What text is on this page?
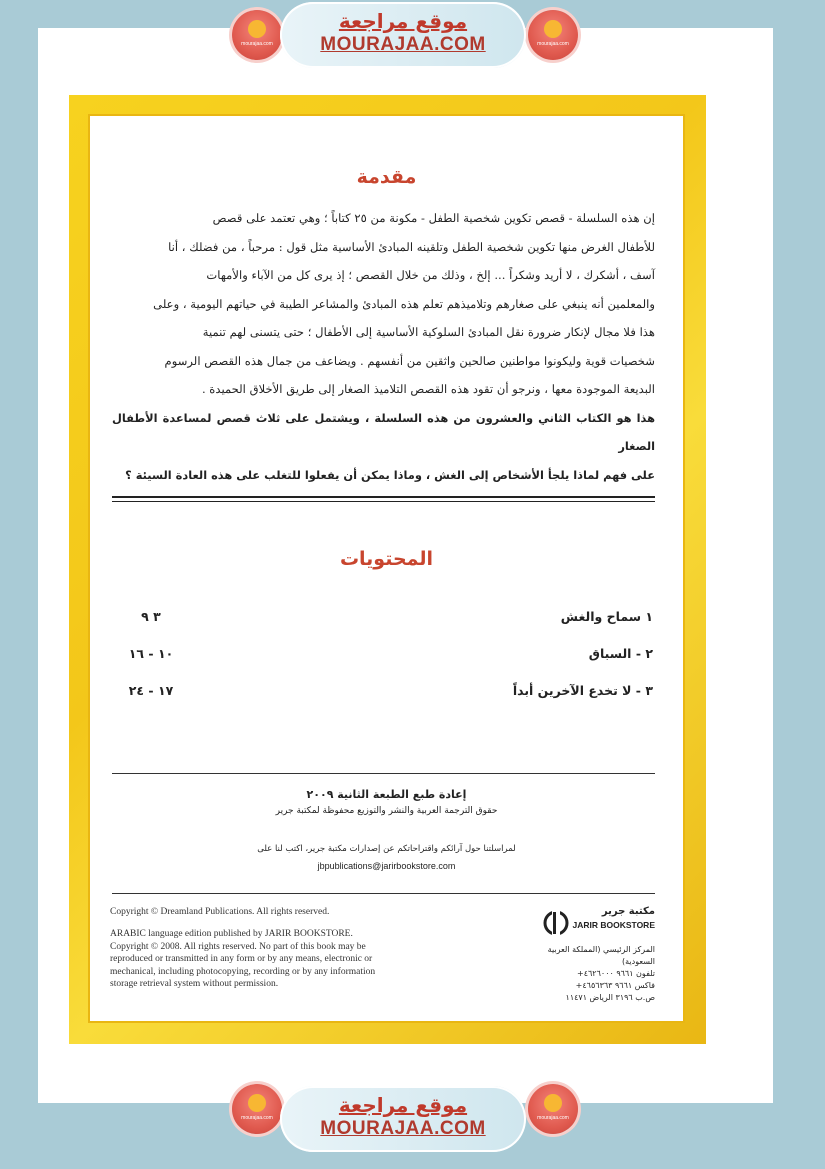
mourajaa.com	mourajaa.com
موقع مراجعة
MOURAJAA.COM
مقدمة
إن هذه السلسلة - قصص تكوين شخصية الطفل - مكونة من ٢٥ كتاباً ؛ وهي تعتمد على قصص
للأطفال الغرض منها تكوين شخصية الطفل وتلقينه المبادئ الأساسية مثل قول : مرحباً ، من فضلك ، أنا
آسف ، أشكرك ، لا أريد وشكراً ... إلخ ، وذلك من خلال القصص ؛ إذ يرى كل من الآباء والأمهات
والمعلمين أنه ينبغي على صغارهم وتلاميذهم تعلم هذه المبادئ والمشاعر الطيبة في حياتهم اليومية ، وعلى
هذا فلا مجال لإنكار ضرورة نقل المبادئ السلوكية الأساسية إلى الأطفال ؛ حتى يتسنى لهم تنمية
شخصيات قوية وليكونوا مواطنين صالحين واثقين من أنفسهم . ويضاعف من جمال هذه القصص الرسوم
البديعة الموجودة معها ، ونرجو أن تقود هذه القصص التلاميذ الصغار إلى طريق الأخلاق الحميدة .
هذا هو الكتاب الثاني والعشرون من هذه السلسلة ، ويشتمل على ثلاث قصص لمساعدة الأطفال الصغار
على فهم لماذا يلجأ الأشخاص إلى الغش ، وماذا يمكن أن يفعلوا للتغلب على هذه العادة السيئة ؟
المحتويات
١ سماح والغش
٣ ٩
٢ - السباق
١٠ - ١٦
٣ - لا تخدع الآخرين أبداً
١٧ - ٢٤
إعادة طبع الطبعة الثانية ٢٠٠٩
حقوق الترجمة العربية والنشر والتوزيع محفوظة لمكتبة جرير
لمراسلتنا حول آرائكم واقتراحاتكم عن إصدارات مكتبة جرير، اكتب لنا على
jbpublications@jarirbookstore.com
Copyright © Dreamland Publications. All rights reserved.
ARABIC language edition published by JARIR BOOKSTORE.
Copyright © 2008. All rights reserved. No part of this book may be
reproduced or transmitted in any form or by any means, electronic or
mechanical, including photocopying, recording or by any information
storage retrieval system without permission.
مكتبة جرير
JARIR BOOKSTORE
المركز الرئيسي (المملكة العربية السعودية)
تلفون ٩٦٦١ ٤٦٢٦٠٠٠+
فاكس ٩٦٦١ ٤٦٥٦٣٦٣+
ص.ب ٣١٩٦ الرياض ١١٤٧١
mourajaa.com	mourajaa.com
موقع مراجعة
MOURAJAA.COM
